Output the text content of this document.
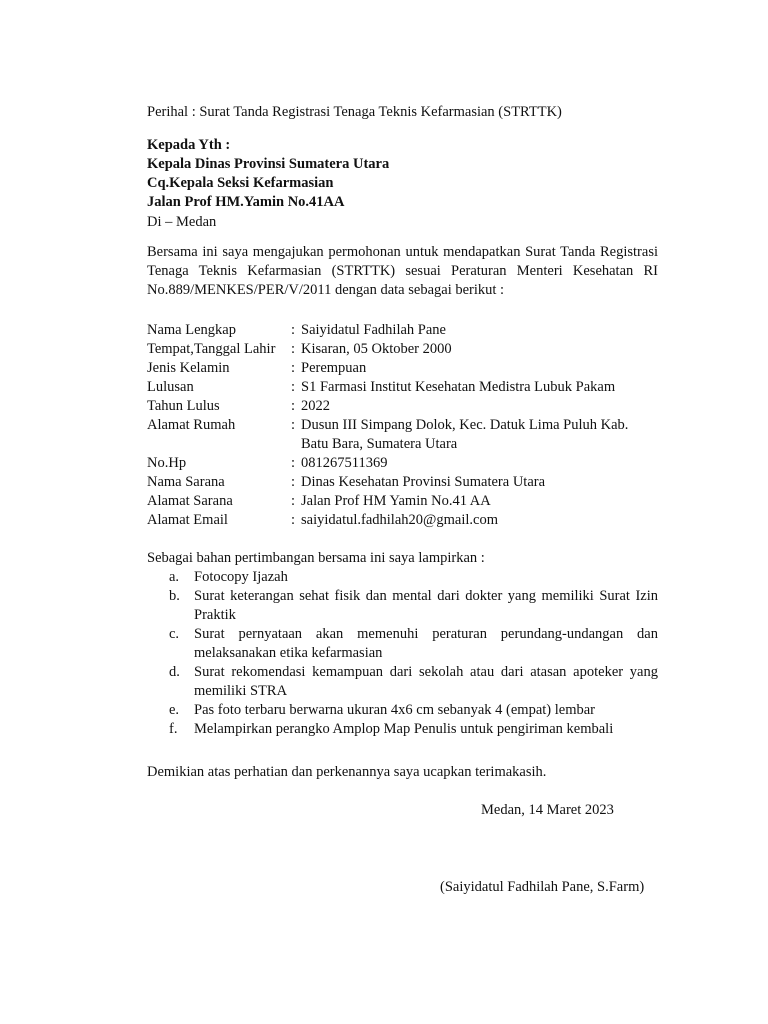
Perihal : Surat Tanda Registrasi Tenaga Teknis Kefarmasian (STRTTK)
Kepada Yth :
Kepala Dinas Provinsi Sumatera Utara
Cq.Kepala Seksi Kefarmasian
Jalan Prof HM.Yamin No.41AA
Di – Medan
Bersama ini saya mengajukan permohonan untuk mendapatkan Surat Tanda Registrasi Tenaga Teknis Kefarmasian (STRTTK) sesuai Peraturan Menteri Kesehatan RI No.889/MENKES/PER/V/2011 dengan data sebagai berikut :
Nama Lengkap	: Saiyidatul Fadhilah Pane
Tempat,Tanggal Lahir : Kisaran, 05 Oktober 2000
Jenis Kelamin	: Perempuan
Lulusan	: S1 Farmasi Institut Kesehatan Medistra Lubuk Pakam
Tahun Lulus	: 2022
Alamat Rumah	: Dusun III Simpang Dolok, Kec. Datuk Lima Puluh Kab.
Batu Bara, Sumatera Utara
No.Hp	: 081267511369
Nama Sarana	: Dinas Kesehatan Provinsi Sumatera Utara
Alamat Sarana	: Jalan Prof HM Yamin No.41 AA
Alamat Email	: saiyidatul.fadhilah20@gmail.com
Sebagai bahan pertimbangan bersama ini saya lampirkan :
a. Fotocopy Ijazah
b. Surat keterangan sehat fisik dan mental dari dokter yang memiliki Surat Izin Praktik
c. Surat pernyataan akan memenuhi peraturan perundang-undangan dan melaksanakan etika kefarmasian
d. Surat rekomendasi kemampuan dari sekolah atau dari atasan apoteker yang memiliki STRA
e. Pas foto terbaru berwarna ukuran 4x6 cm sebanyak 4 (empat) lembar
f. Melampirkan perangko Amplop Map Penulis untuk pengiriman kembali
Demikian atas perhatian dan perkenannya saya ucapkan terimakasih.
Medan, 14 Maret 2023
(Saiyidatul Fadhilah Pane, S.Farm)
